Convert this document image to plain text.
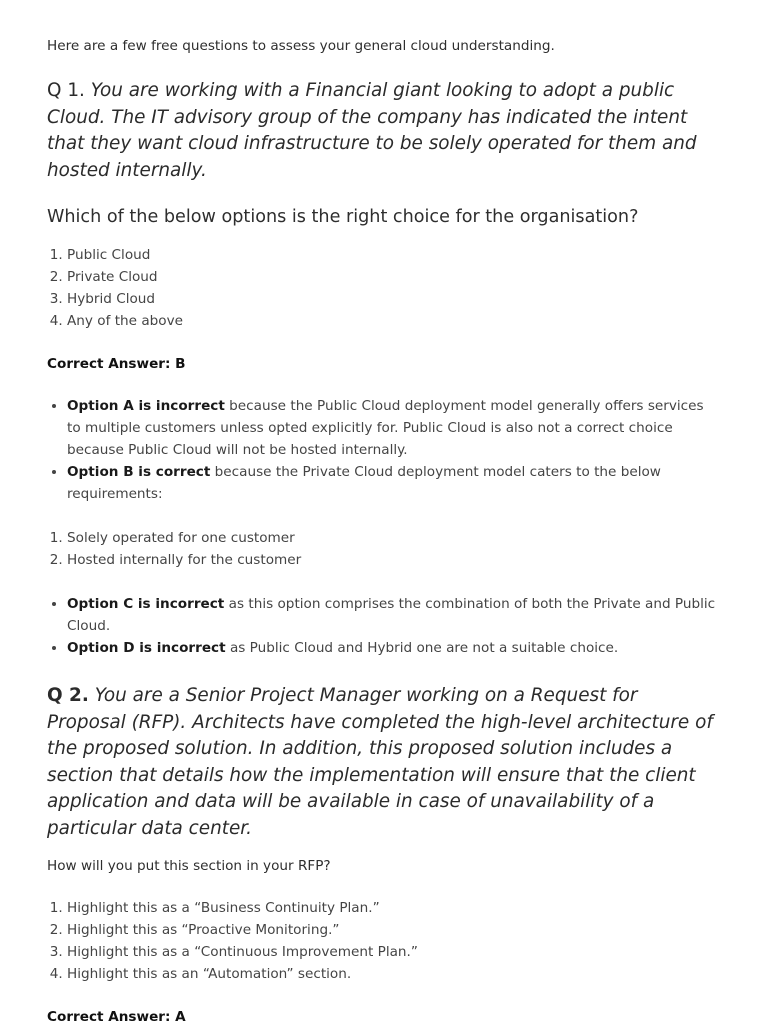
Here are a few free questions to assess your general cloud understanding.

Q 1. You are working with a Financial giant looking to adopt a public Cloud. The IT advisory group of the company has indicated the intent that they want cloud infrastructure to be solely operated for them and hosted internally.

Which of the below options is the right choice for the organisation?

1. Public Cloud
2. Private Cloud
3. Hybrid Cloud
4. Any of the above

Correct Answer: B

• Option A is incorrect because the Public Cloud deployment model generally offers services to multiple customers unless opted explicitly for. Public Cloud is also not a correct choice because Public Cloud will not be hosted internally.
• Option B is correct because the Private Cloud deployment model caters to the below requirements:
1. Solely operated for one customer
2. Hosted internally for the customer
• Option C is incorrect as this option comprises the combination of both the Private and Public Cloud.
• Option D is incorrect as Public Cloud and Hybrid one are not a suitable choice.

Q 2. You are a Senior Project Manager working on a Request for Proposal (RFP). Architects have completed the high-level architecture of the proposed solution. In addition, this proposed solution includes a section that details how the implementation will ensure that the client application and data will be available in case of unavailability of a particular data center.

How will you put this section in your RFP?

1. Highlight this as a “Business Continuity Plan.”
2. Highlight this as “Proactive Monitoring.”
3. Highlight this as a “Continuous Improvement Plan.”
4. Highlight this as an “Automation” section.

Correct Answer: A
